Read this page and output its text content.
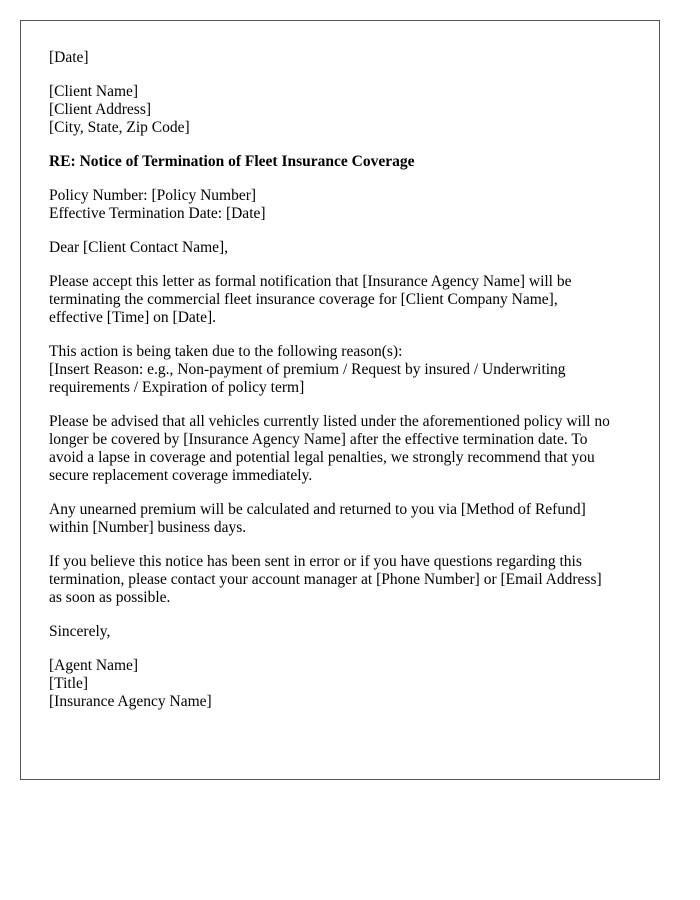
[Date]
[Client Name]
[Client Address]
[City, State, Zip Code]
RE: Notice of Termination of Fleet Insurance Coverage
Policy Number: [Policy Number]
Effective Termination Date: [Date]
Dear [Client Contact Name],
Please accept this letter as formal notification that [Insurance Agency Name] will be
terminating the commercial fleet insurance coverage for [Client Company Name],
effective [Time] on [Date].
This action is being taken due to the following reason(s):
[Insert Reason: e.g., Non-payment of premium / Request by insured / Underwriting
requirements / Expiration of policy term]
Please be advised that all vehicles currently listed under the aforementioned policy will no
longer be covered by [Insurance Agency Name] after the effective termination date. To
avoid a lapse in coverage and potential legal penalties, we strongly recommend that you
secure replacement coverage immediately.
Any unearned premium will be calculated and returned to you via [Method of Refund]
within [Number] business days.
If you believe this notice has been sent in error or if you have questions regarding this
termination, please contact your account manager at [Phone Number] or [Email Address]
as soon as possible.
Sincerely,
[Agent Name]
[Title]
[Insurance Agency Name]
